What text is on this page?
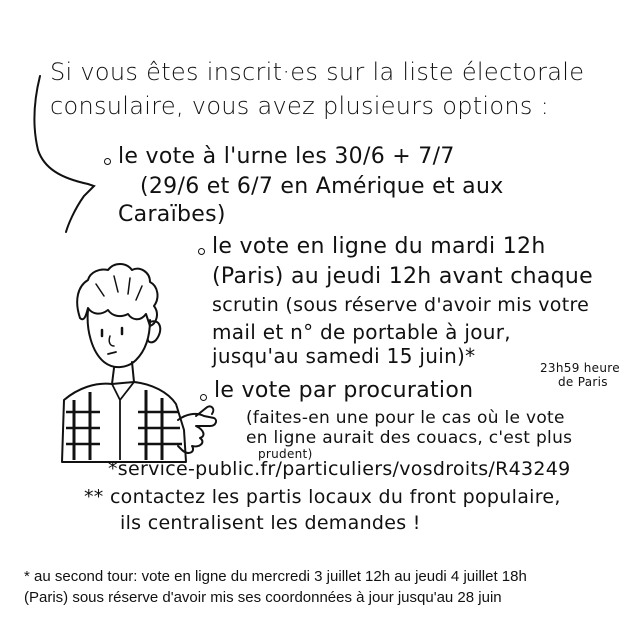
Si vous êtes inscrit·es sur la liste électorale
consulaire, vous avez plusieurs options :
le vote à l'urne les 30/6 + 7/7
(29/6 et 6/7 en Amérique et aux
Caraïbes)
le vote en ligne du mardi 12h
(Paris) au jeudi 12h avant chaque
scrutin (sous réserve d'avoir mis votre
mail et n° de portable à jour,
jusqu'au samedi 15 juin)*	23h59 heure
de Paris
le vote par procuration
(faites-en une pour le cas où le vote
en ligne aurait des couacs, c'est plus
prudent)
*service-public.fr/particuliers/vosdroits/R43249
** contactez les partis locaux du front populaire,
ils centralisent les demandes !
* au second tour: vote en ligne du mercredi 3 juillet 12h au jeudi 4 juillet 18h
(Paris) sous réserve d'avoir mis ses coordonnées à jour jusqu'au 28 juin
